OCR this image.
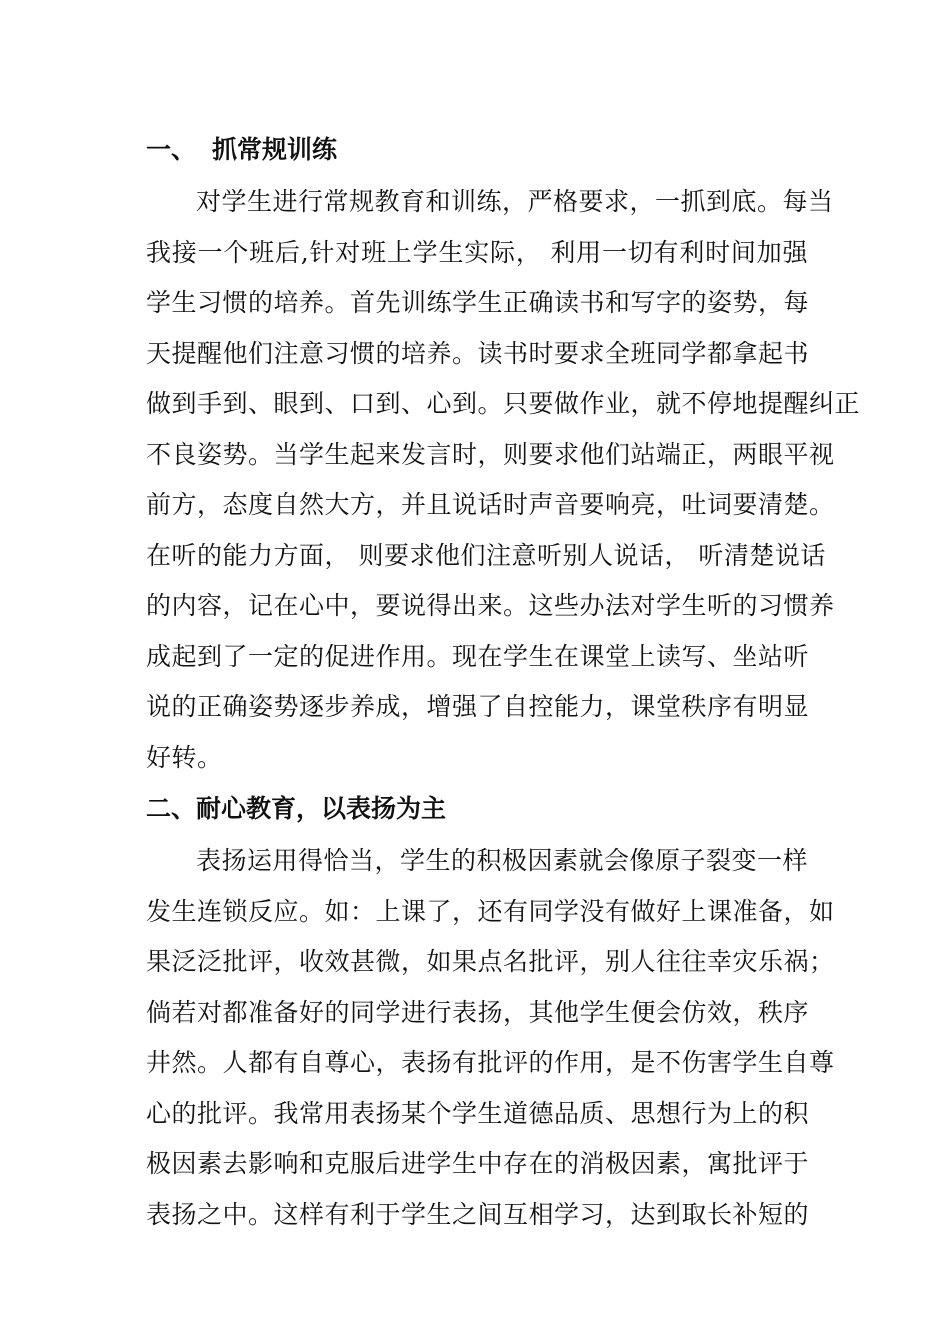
一、 抓常规训练

对学生进行常规教育和训练，严格要求，一抓到底。每当
我接一个班后,针对班上学生实际， 利用一切有利时间加强
学生习惯的培养。首先训练学生正确读书和写字的姿势，每
天提醒他们注意习惯的培养。读书时要求全班同学都拿起书
做到手到、眼到、口到、心到。只要做作业，就不停地提醒纠正
不良姿势。当学生起来发言时，则要求他们站端正，两眼平视
前方，态度自然大方，并且说话时声音要响亮，吐词要清楚。
在听的能力方面， 则要求他们注意听别人说话， 听清楚说话
的内容，记在心中，要说得出来。这些办法对学生听的习惯养
成起到了一定的促进作用。现在学生在课堂上读写、坐站听
说的正确姿势逐步养成，增强了自控能力，课堂秩序有明显
好转。

二、耐心教育，以表扬为主

表扬运用得恰当，学生的积极因素就会像原子裂变一样
发生连锁反应。如：上课了，还有同学没有做好上课准备，如
果泛泛批评，收效甚微，如果点名批评，别人往往幸灾乐祸；
倘若对都准备好的同学进行表扬，其他学生便会仿效，秩序
井然。人都有自尊心，表扬有批评的作用，是不伤害学生自尊
心的批评。我常用表扬某个学生道德品质、思想行为上的积
极因素去影响和克服后进学生中存在的消极因素，寓批评于
表扬之中。这样有利于学生之间互相学习，达到取长补短的
